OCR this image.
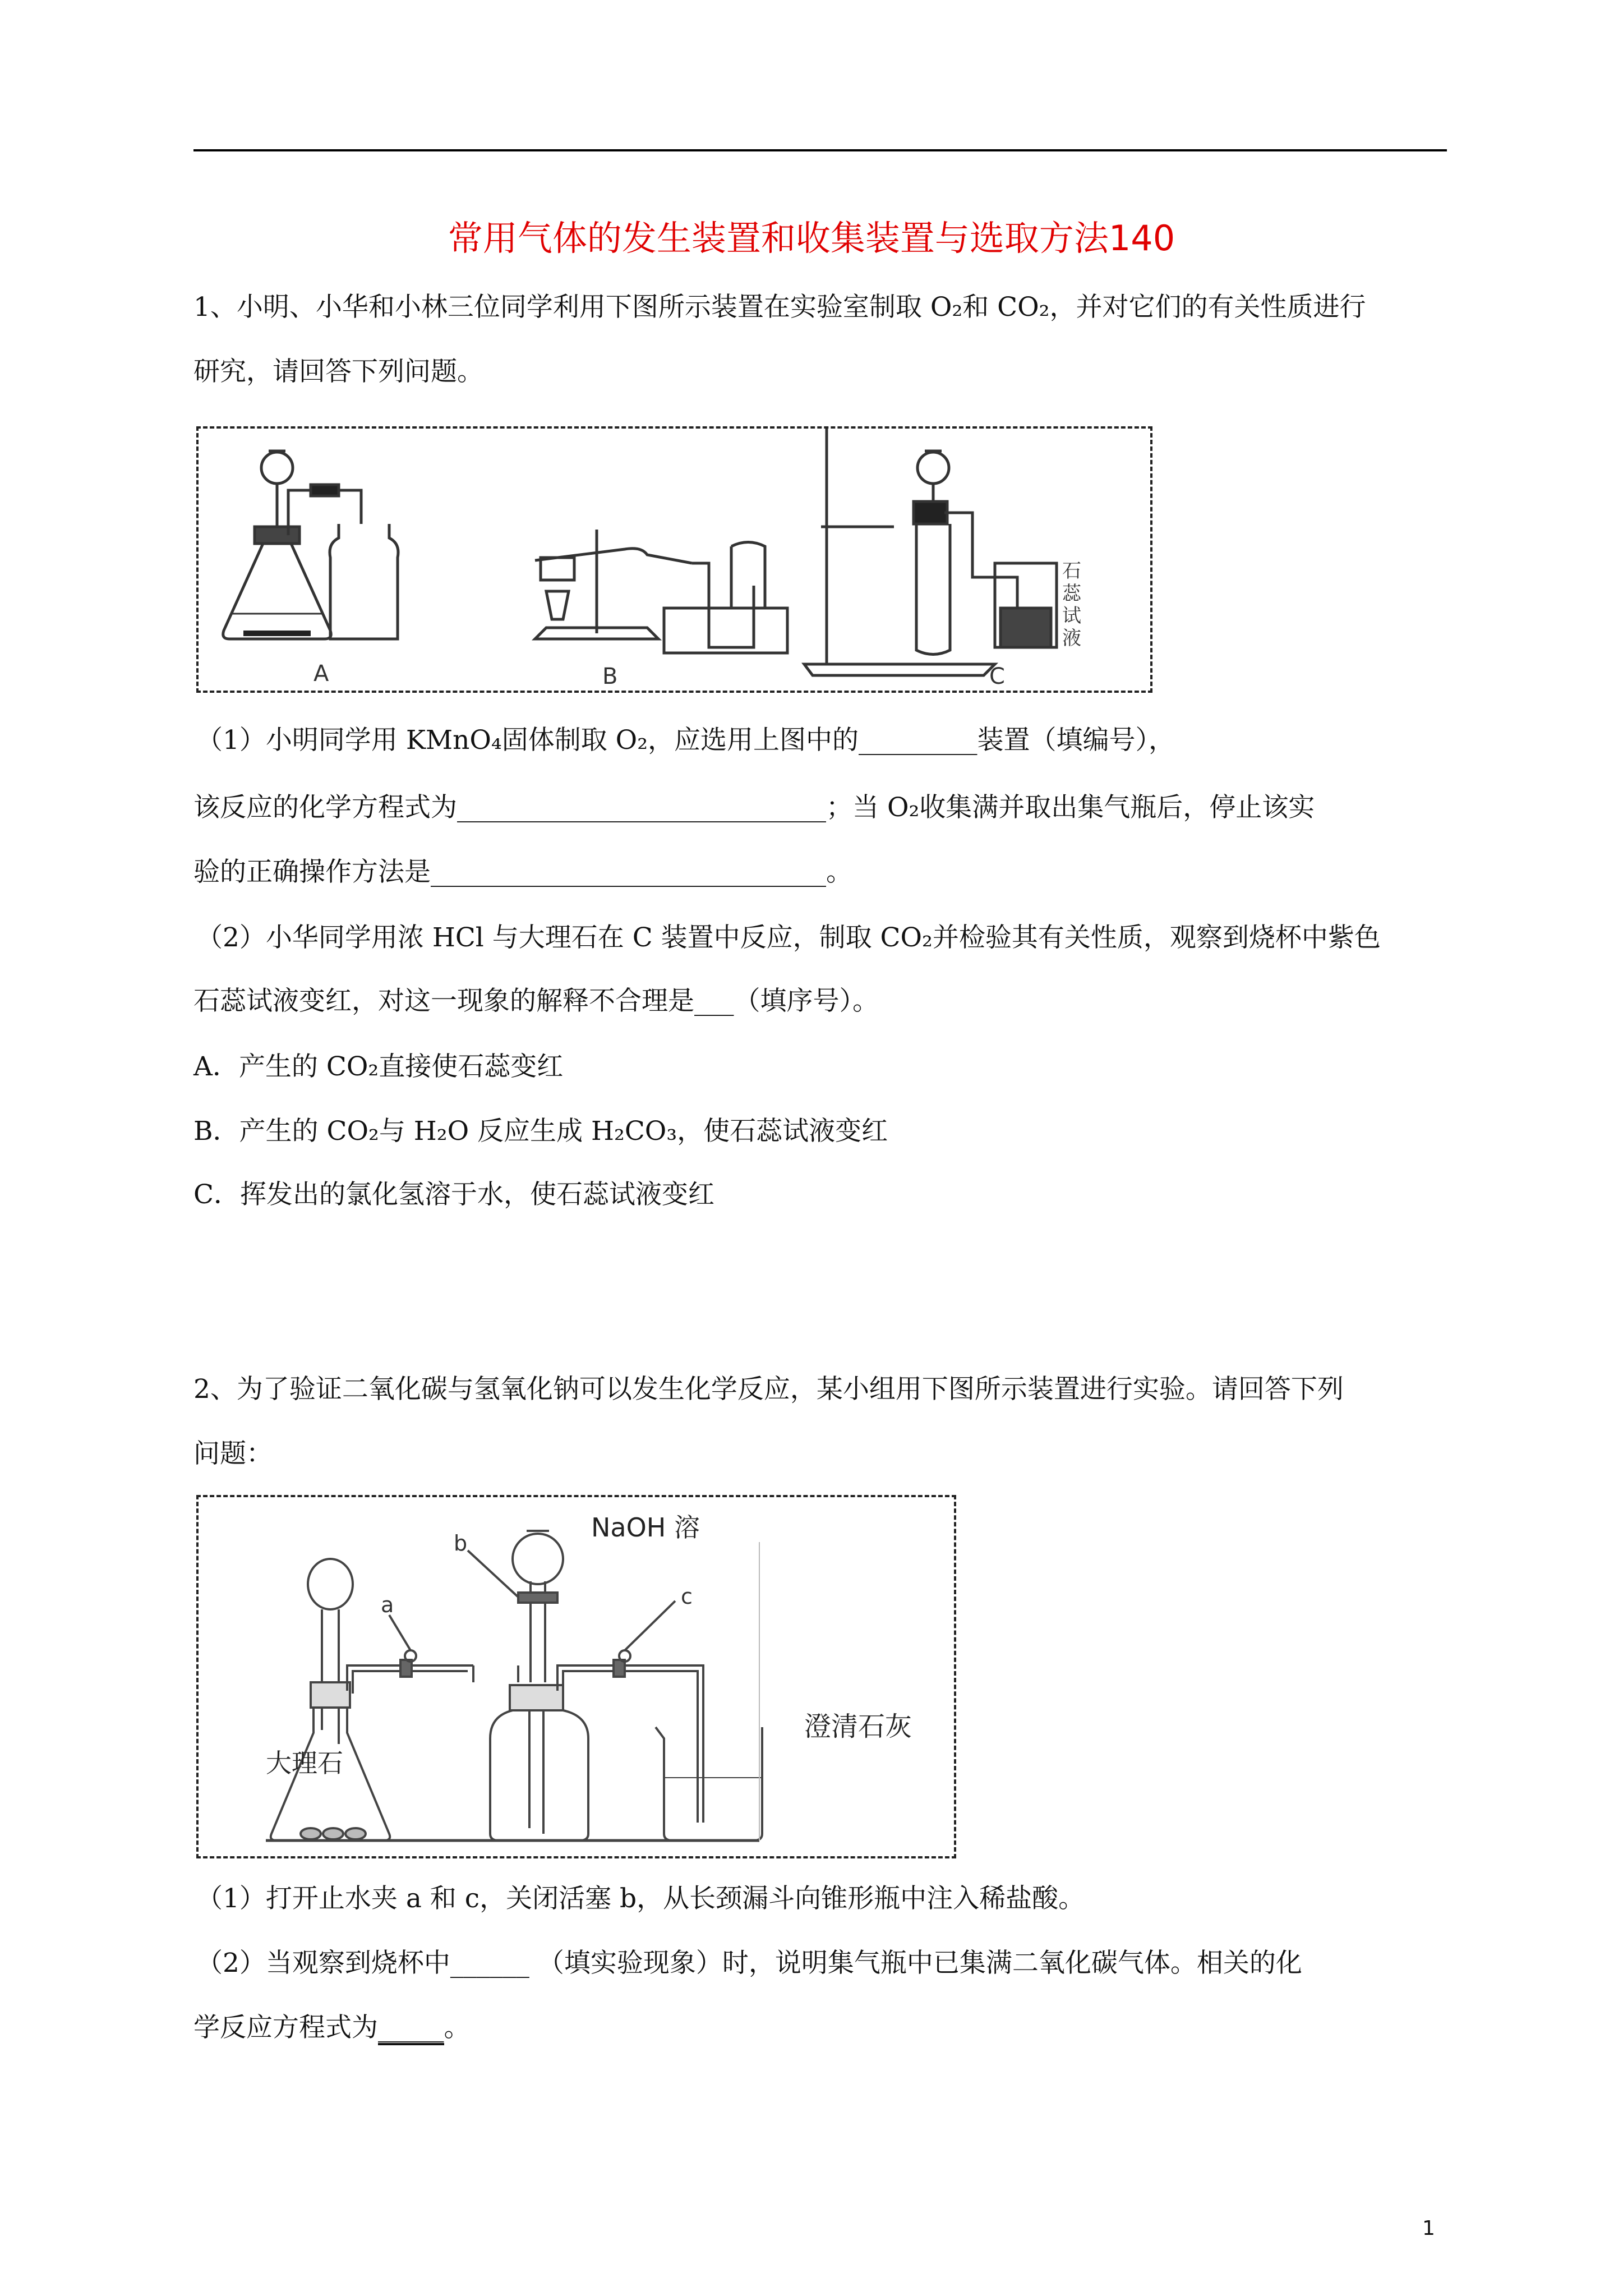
常用气体的发生装置和收集装置与选取方法140
1、小明、小华和小林三位同学利用下图所示装置在实验室制取 O₂和 CO₂，并对它们的有关性质进行
研究，请回答下列问题。
A	B
石
蕊
试
液
C
（1）小明同学用 KMnO₄固体制取 O₂，应选用上图中的_________装置（填编号），
该反应的化学方程式为____________________________；当 O₂收集满并取出集气瓶后，停止该实
验的正确操作方法是______________________________。
（2）小华同学用浓 HCl 与大理石在 C 装置中反应，制取 CO₂并检验其有关性质，观察到烧杯中紫色
石蕊试液变红，对这一现象的解释不合理是___（填序号）。
A．产生的 CO₂直接使石蕊变红
B．产生的 CO₂与 H₂O 反应生成 H₂CO₃，使石蕊试液变红
C．挥发出的氯化氢溶于水，使石蕊试液变红
2、为了验证二氧化碳与氢氧化钠可以发生化学反应，某小组用下图所示装置进行实验。请回答下列
问题：
a
大理石
b
NaOH 溶
c
澄清石灰
（1）打开止水夹 a 和 c，关闭活塞 b，从长颈漏斗向锥形瓶中注入稀盐酸。
（2）当观察到烧杯中______ （填实验现象）时，说明集气瓶中已集满二氧化碳气体。相关的化
学反应方程式为_____。
1
